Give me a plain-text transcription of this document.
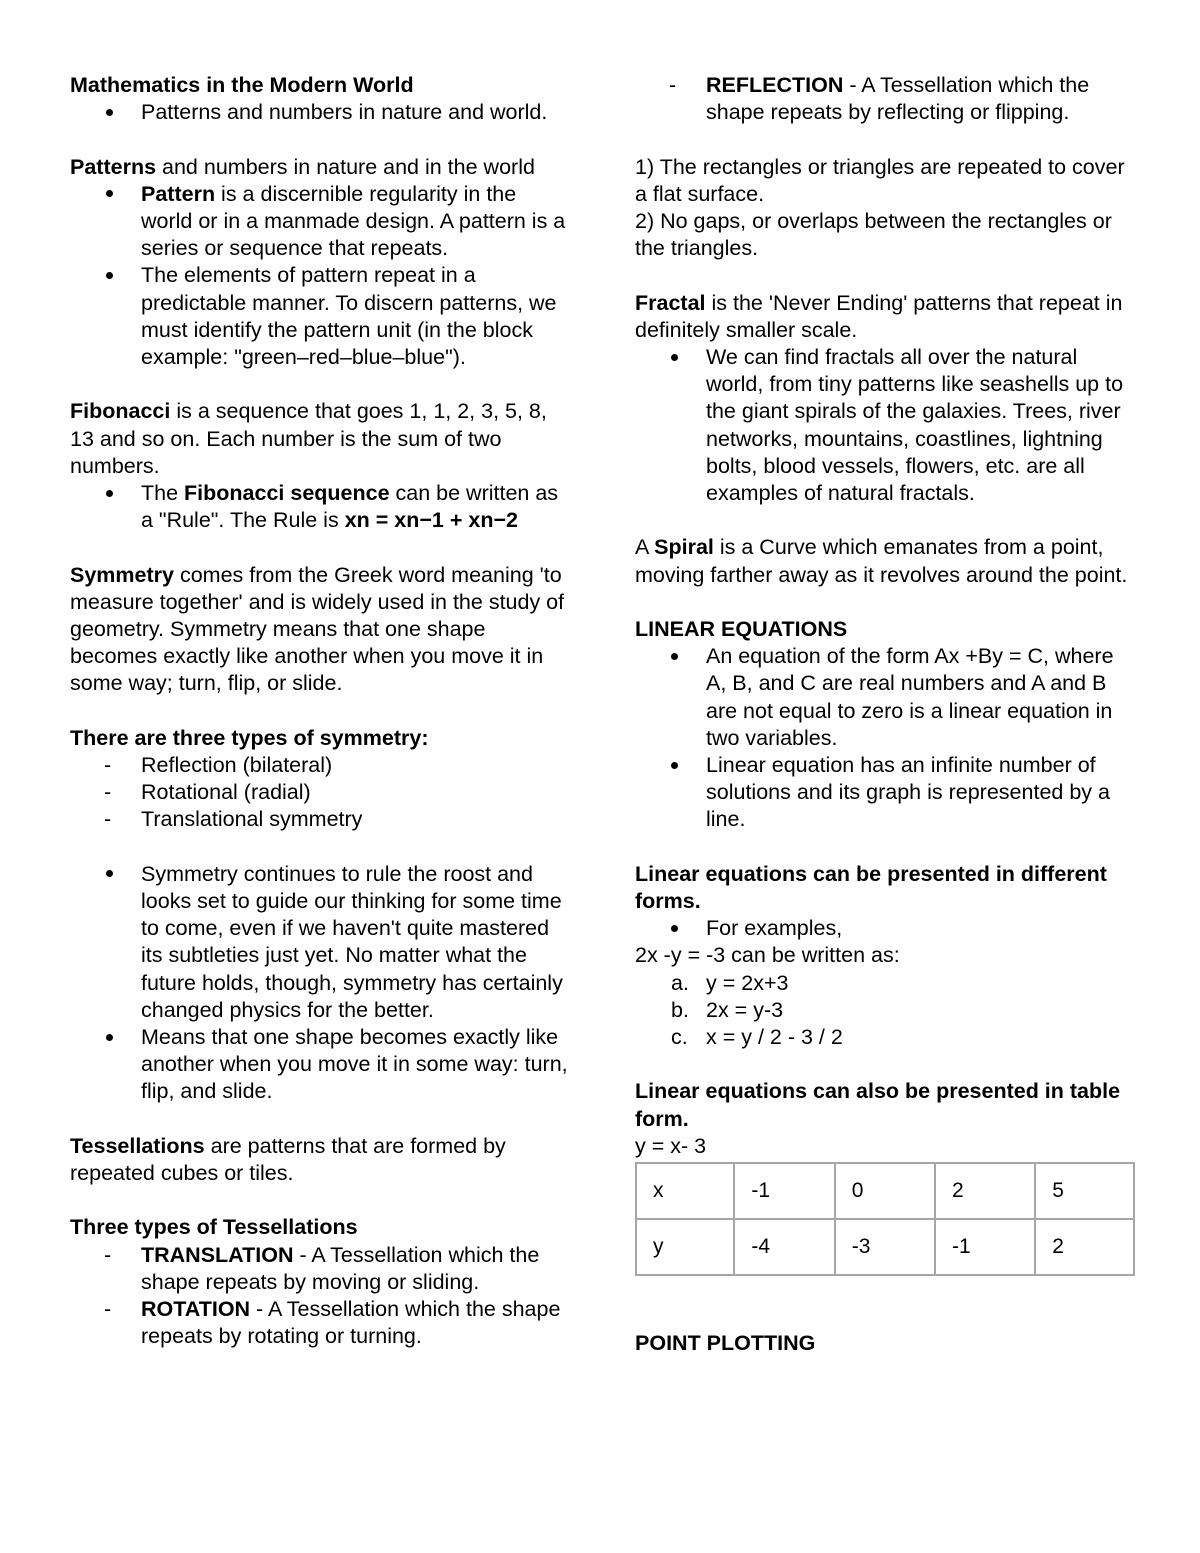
Mathematics in the Modern World

Patterns and numbers in nature and world.

Patterns and numbers in nature and in the world

Pattern is a discernible regularity in the world or in a manmade design. A pattern is a series or sequence that repeats.
The elements of pattern repeat in a predictable manner. To discern patterns, we must identify the pattern unit (in the block example: "green–red–blue–blue").

Fibonacci is a sequence that goes 1, 1, 2, 3, 5, 8, 13 and so on. Each number is the sum of two numbers.

The Fibonacci sequence can be written as a "Rule". The Rule is xn = xn−1 + xn−2

Symmetry comes from the Greek word meaning 'to measure together' and is widely used in the study of geometry. Symmetry means that one shape becomes exactly like another when you move it in some way; turn, flip, or slide.

There are three types of symmetry:

- Reflection (bilateral)
- Rotational (radial)
- Translational symmetry
Symmetry continues to rule the roost and looks set to guide our thinking for some time to come, even if we haven't quite mastered its subtleties just yet. No matter what the future holds, though, symmetry has certainly changed physics for the better.
Means that one shape becomes exactly like another when you move it in some way: turn, flip, and slide.

Tessellations are patterns that are formed by repeated cubes or tiles.

Three types of Tessellations

- TRANSLATION - A Tessellation which the shape repeats by moving or sliding.
- ROTATION - A Tessellation which the shape repeats by rotating or turning.
- REFLECTION - A Tessellation which the shape repeats by reflecting or flipping.

1) The rectangles or triangles are repeated to cover a flat surface.

2) No gaps, or overlaps between the rectangles or the triangles.

Fractal is the 'Never Ending' patterns that repeat in definitely smaller scale.

We can find fractals all over the natural world, from tiny patterns like seashells up to the giant spirals of the galaxies. Trees, river networks, mountains, coastlines, lightning bolts, blood vessels, flowers, etc. are all examples of natural fractals.

A Spiral is a Curve which emanates from a point, moving farther away as it revolves around the point.

LINEAR EQUATIONS

An equation of the form Ax +By = C, where A, B, and C are real numbers and A and B are not equal to zero is a linear equation in two variables.
Linear equation has an infinite number of solutions and its graph is represented by a line.

Linear equations can be presented in different forms.

For examples,

2x -y = -3 can be written as:

a. y = 2x+3
b. 2x = y-3
c. x = y / 2 - 3 / 2

Linear equations can also be presented in table form.

y = x- 3

x	-1	0	2	5
y	-4	-3	-1	2

POINT PLOTTING
